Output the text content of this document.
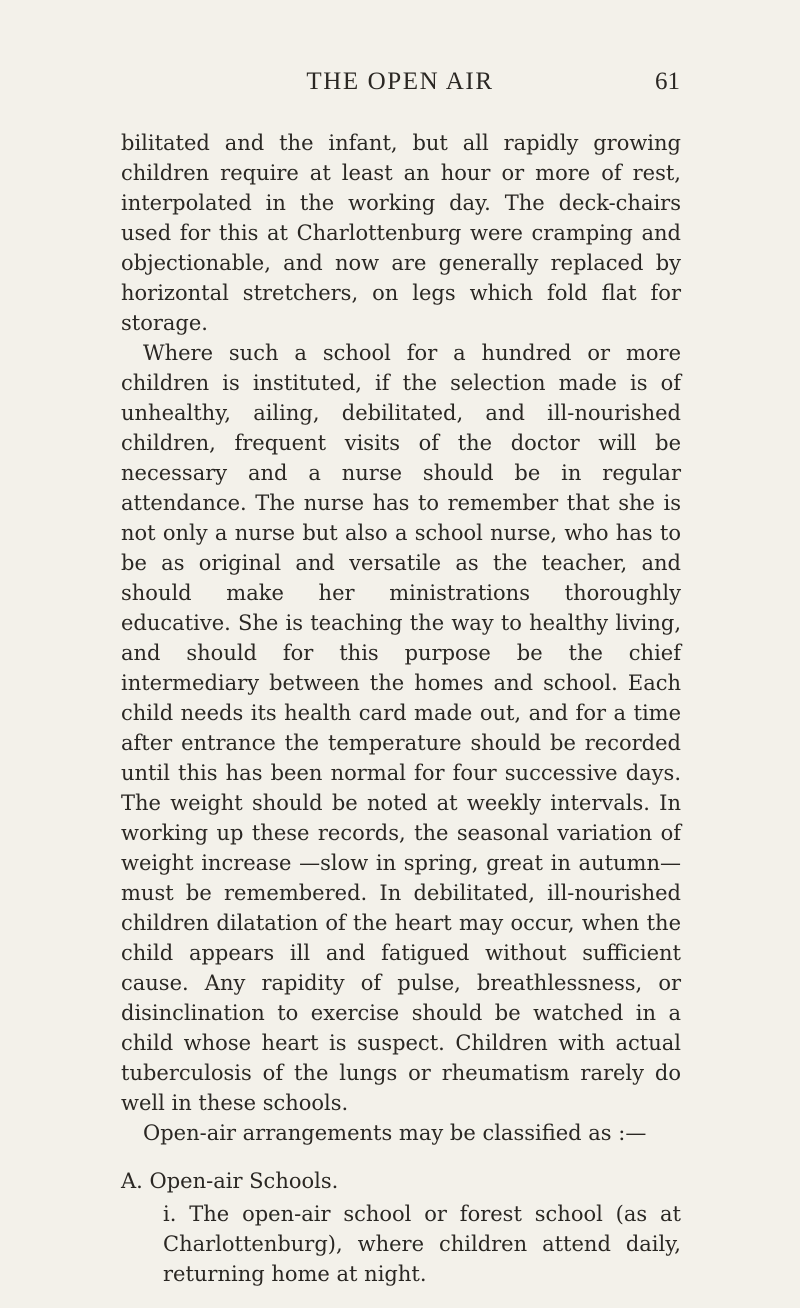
THE OPEN AIR	61

bilitated and the infant, but all rapidly growing children require at least an hour or more of rest, interpolated in the working day. The deck-chairs used for this at Charlottenburg were cramping and objectionable, and now are generally replaced by horizontal stretchers, on legs which fold flat for storage.

Where such a school for a hundred or more children is instituted, if the selection made is of unhealthy, ailing, debilitated, and ill-nourished children, frequent visits of the doctor will be necessary and a nurse should be in regular attendance. The nurse has to remember that she is not only a nurse but also a school nurse, who has to be as original and versatile as the teacher, and should make her ministrations thoroughly educative. She is teaching the way to healthy living, and should for this purpose be the chief intermediary between the homes and school. Each child needs its health card made out, and for a time after entrance the temperature should be recorded until this has been normal for four successive days. The weight should be noted at weekly intervals. In working up these records, the seasonal variation of weight increase —slow in spring, great in autumn—must be remembered. In debilitated, ill-nourished children dilatation of the heart may occur, when the child appears ill and fatigued without sufficient cause. Any rapidity of pulse, breathlessness, or disinclination to exercise should be watched in a child whose heart is suspect. Children with actual tuberculosis of the lungs or rheumatism rarely do well in these schools.

Open-air arrangements may be classified as :—

A. Open-air Schools.

i. The open-air school or forest school (as at Charlottenburg), where children attend daily, returning home at night.
